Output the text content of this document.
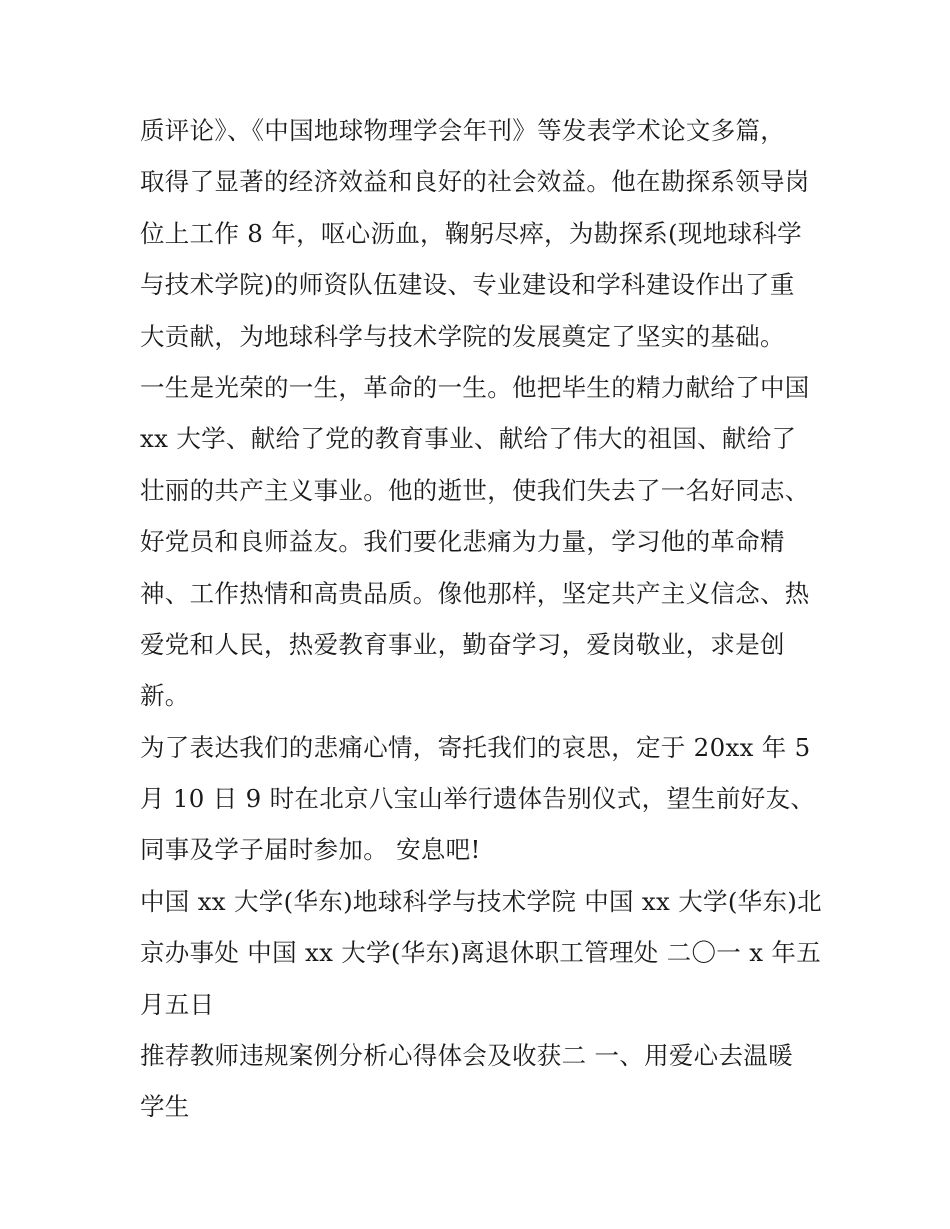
质评论》、《中国地球物理学会年刊》等发表学术论文多篇，
取得了显著的经济效益和良好的社会效益。他在勘探系领导岗
位上工作 8 年，呕心沥血，鞠躬尽瘁，为勘探系(现地球科学
与技术学院)的师资队伍建设、专业建设和学科建设作出了重
大贡献，为地球科学与技术学院的发展奠定了坚实的基础。
一生是光荣的一生，革命的一生。他把毕生的精力献给了中国
xx 大学、献给了党的教育事业、献给了伟大的祖国、献给了
壮丽的共产主义事业。他的逝世，使我们失去了一名好同志、
好党员和良师益友。我们要化悲痛为力量，学习他的革命精
神、工作热情和高贵品质。像他那样，坚定共产主义信念、热
爱党和人民，热爱教育事业，勤奋学习，爱岗敬业，求是创
新。
为了表达我们的悲痛心情，寄托我们的哀思，定于 20xx 年 5
月 10 日 9 时在北京八宝山举行遗体告别仪式，望生前好友、
同事及学子届时参加。 安息吧!
中国 xx 大学(华东)地球科学与技术学院 中国 xx 大学(华东)北
京办事处 中国 xx 大学(华东)离退休职工管理处 二〇一 x 年五
月五日
推荐教师违规案例分析心得体会及收获二 一、用爱心去温暖
学生
